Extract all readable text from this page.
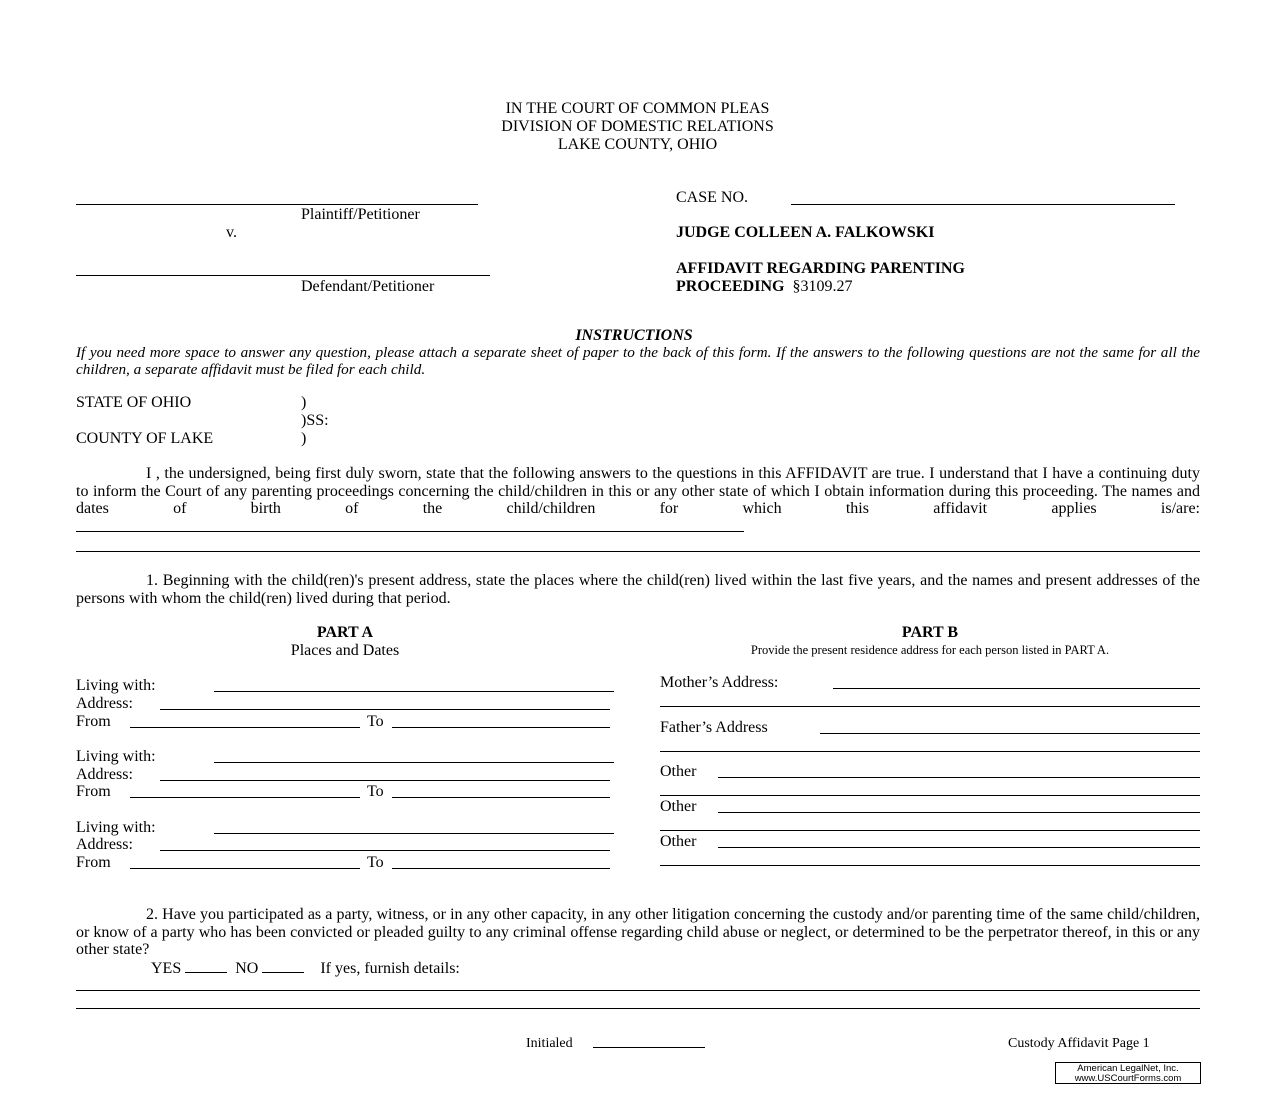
IN THE COURT OF COMMON PLEAS
DIVISION OF DOMESTIC RELATIONS
LAKE COUNTY, OHIO
Plaintiff/Petitioner
v.
Defendant/Petitioner
CASE NO.
JUDGE COLLEEN A. FALKOWSKI
AFFIDAVIT REGARDING PARENTING
PROCEEDING §3109.27
INSTRUCTIONS
If you need more space to answer any question, please attach a separate sheet of paper to the back of this form. If the answers to the following questions are not the same for all the children, a separate affidavit must be filed for each child.
STATE OF OHIO	)
)SS:
COUNTY OF LAKE	)
I , the undersigned, being first duly sworn, state that the following answers to the questions in this AFFIDAVIT are true. I understand that I have a continuing duty to inform the Court of any parenting proceedings concerning the child/children in this or any other state of which I obtain information during this proceeding. The names and dates of birth of the child/children for which this affidavit applies is/are:
1. Beginning with the child(ren)'s present address, state the places where the child(ren) lived within the last five years, and the names and present addresses of the persons with whom the child(ren) lived during that period.
PART A
Places and Dates
Living with:
Address:
From	To
Living with:
Address:
From	To
Living with:
Address:
From	To
PART B
Provide the present residence address for each person listed in PART A.
Mother’s Address:
Father’s Address
Other
Other
Other
2. Have you participated as a party, witness, or in any other capacity, in any other litigation concerning the custody and/or parenting time of the same child/children, or know of a party who has been convicted or pleaded guilty to any criminal offense regarding child abuse or neglect, or determined to be the perpetrator thereof, in this or any other state?
YES	NO	If yes, furnish details:
Initialed	Custody Affidavit Page 1
American LegalNet, Inc.
www.USCourtForms.com
